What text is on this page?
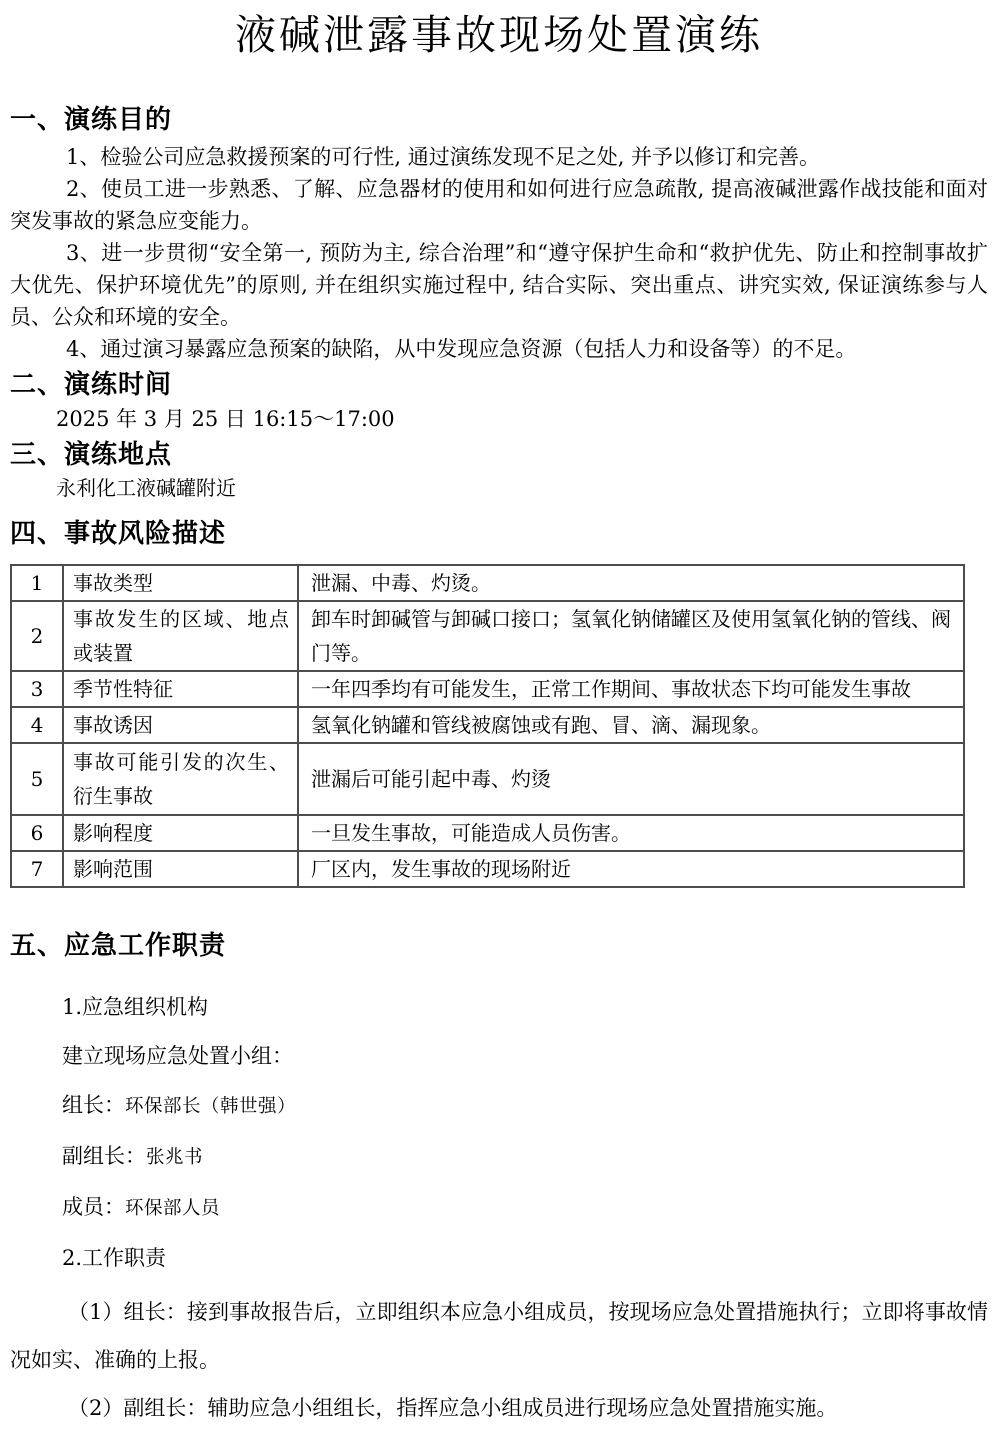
液碱泄露事故现场处置演练
一、演练目的

1、检验公司应急救援预案的可行性, 通过演练发现不足之处, 并予以修订和完善。

2、使员工进一步熟悉、了解、应急器材的使用和如何进行应急疏散, 提高液碱泄露作战技能和面对突发事故的紧急应变能力。

3、进一步贯彻“安全第一, 预防为主, 综合治理”和“遵守保护生命和“救护优先、防止和控制事故扩大优先、保护环境优先”的原则, 并在组织实施过程中, 结合实际、突出重点、讲究实效, 保证演练参与人员、公众和环境的安全。

4、通过演习暴露应急预案的缺陷，从中发现应急资源（包括人力和设备等）的不足。

二、演练时间

2025 年 3 月 25 日 16:15～17:00

三、演练地点

永利化工液碱罐附近

四、事故风险描述
1	事故类型	泄漏、中毒、灼烫。
2	事故发生的区域、地点或装置	卸车时卸碱管与卸碱口接口；氢氧化钠储罐区及使用氢氧化钠的管线、阀门等。
3	季节性特征	一年四季均有可能发生，正常工作期间、事故状态下均可能发生事故
4	事故诱因	氢氧化钠罐和管线被腐蚀或有跑、冒、滴、漏现象。
5	事故可能引发的次生、衍生事故	泄漏后可能引起中毒、灼烫
6	影响程度	一旦发生事故，可能造成人员伤害。
7	影响范围	厂区内，发生事故的现场附近
五、应急工作职责

1.应急组织机构

建立现场应急处置小组：

组长：环保部长（韩世强）

副组长：张兆书

成员：环保部人员

2.工作职责

（1）组长：接到事故报告后，立即组织本应急小组成员，按现场应急处置措施执行；立即将事故情况如实、准确的上报。

（2）副组长：辅助应急小组组长，指挥应急小组成员进行现场应急处置措施实施。
